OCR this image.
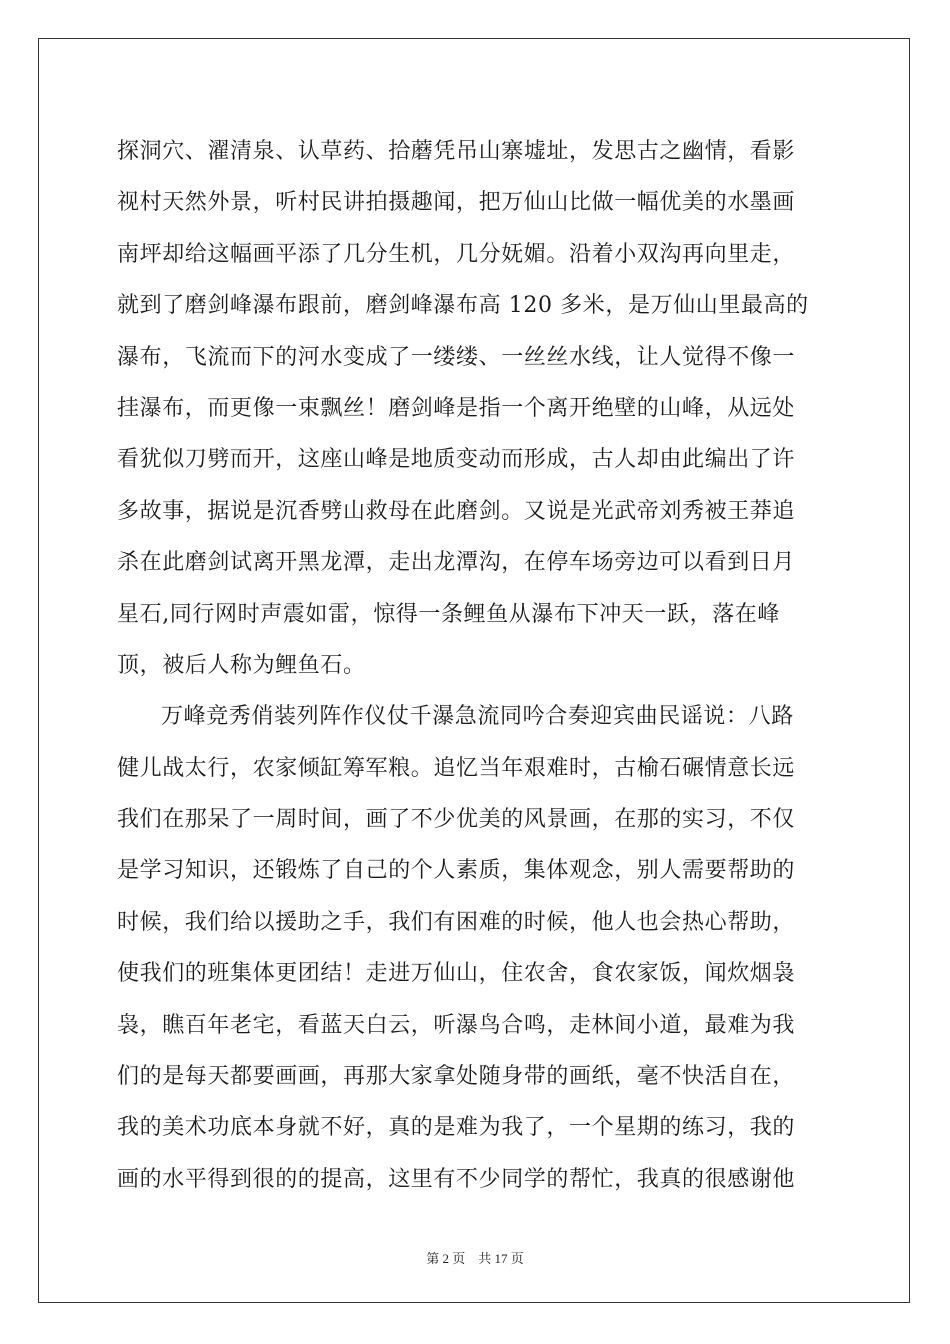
探洞穴、濯清泉、认草药、拾蘑凭吊山寨墟址，发思古之幽情，看影
视村天然外景，听村民讲拍摄趣闻，把万仙山比做一幅优美的水墨画
南坪却给这幅画平添了几分生机，几分妩媚。沿着小双沟再向里走，
就到了磨剑峰瀑布跟前，磨剑峰瀑布高 120 多米，是万仙山里最高的
瀑布，飞流而下的河水变成了一缕缕、一丝丝水线，让人觉得不像一
挂瀑布，而更像一束飘丝！磨剑峰是指一个离开绝壁的山峰，从远处
看犹似刀劈而开，这座山峰是地质变动而形成，古人却由此编出了许
多故事，据说是沉香劈山救母在此磨剑。又说是光武帝刘秀被王莽追
杀在此磨剑试离开黑龙潭，走出龙潭沟，在停车场旁边可以看到日月
星石,同行网时声震如雷，惊得一条鲤鱼从瀑布下冲天一跃，落在峰
顶，被后人称为鲤鱼石。
万峰竞秀俏装列阵作仪仗千瀑急流同吟合奏迎宾曲民谣说：八路
健儿战太行，农家倾缸筹军粮。追忆当年艰难时，古榆石碾情意长远
我们在那呆了一周时间，画了不少优美的风景画，在那的实习，不仅
是学习知识，还锻炼了自己的个人素质，集体观念，别人需要帮助的
时候，我们给以援助之手，我们有困难的时候，他人也会热心帮助，
使我们的班集体更团结！走进万仙山，住农舍，食农家饭，闻炊烟袅
袅，瞧百年老宅，看蓝天白云，听瀑鸟合鸣，走林间小道，最难为我
们的是每天都要画画，再那大家拿处随身带的画纸，毫不快活自在，
我的美术功底本身就不好，真的是难为我了，一个星期的练习，我的
画的水平得到很的的提高，这里有不少同学的帮忙，我真的很感谢他
第 2 页　共 17 页
